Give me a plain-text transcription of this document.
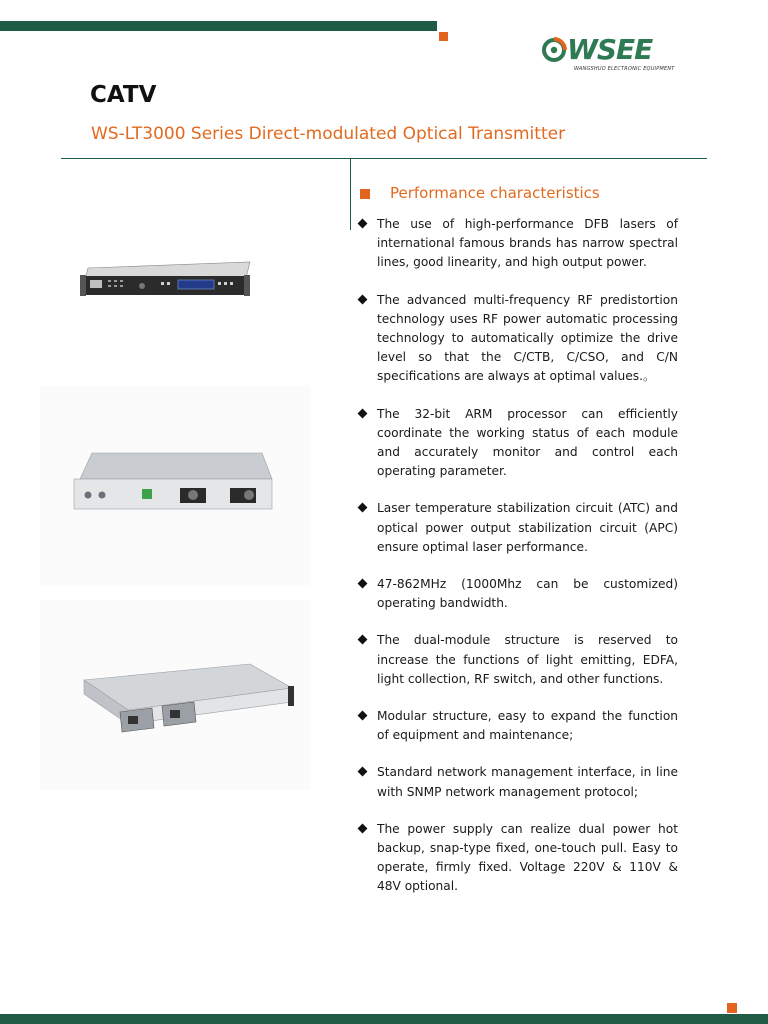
WSEE
WANGSHUO ELECTRONIC EQUIPMENT
CATV
WS-LT3000 Series Direct-modulated Optical Transmitter
Performance characteristics
The use of high-performance DFB lasers of international famous brands has narrow spectral lines, good linearity, and high output power.
The advanced multi-frequency RF predistortion technology uses RF power automatic processing technology to automatically optimize the drive level so that the C/CTB, C/CSO, and C/N specifications are always at optimal values.。
The 32-bit ARM processor can efficiently coordinate the working status of each module and accurately monitor and control each operating parameter.
Laser temperature stabilization circuit (ATC) and optical power output stabilization circuit (APC) ensure optimal laser performance.
47-862MHz (1000Mhz can be customized) operating bandwidth.
The dual-module structure is reserved to increase the functions of light emitting, EDFA, light collection, RF switch, and other functions.
Modular structure, easy to expand the function of equipment and maintenance;
Standard network management interface, in line with SNMP network management protocol;
The power supply can realize dual power hot backup, snap-type fixed, one-touch pull. Easy to operate, firmly fixed. Voltage 220V & 110V & 48V optional.
